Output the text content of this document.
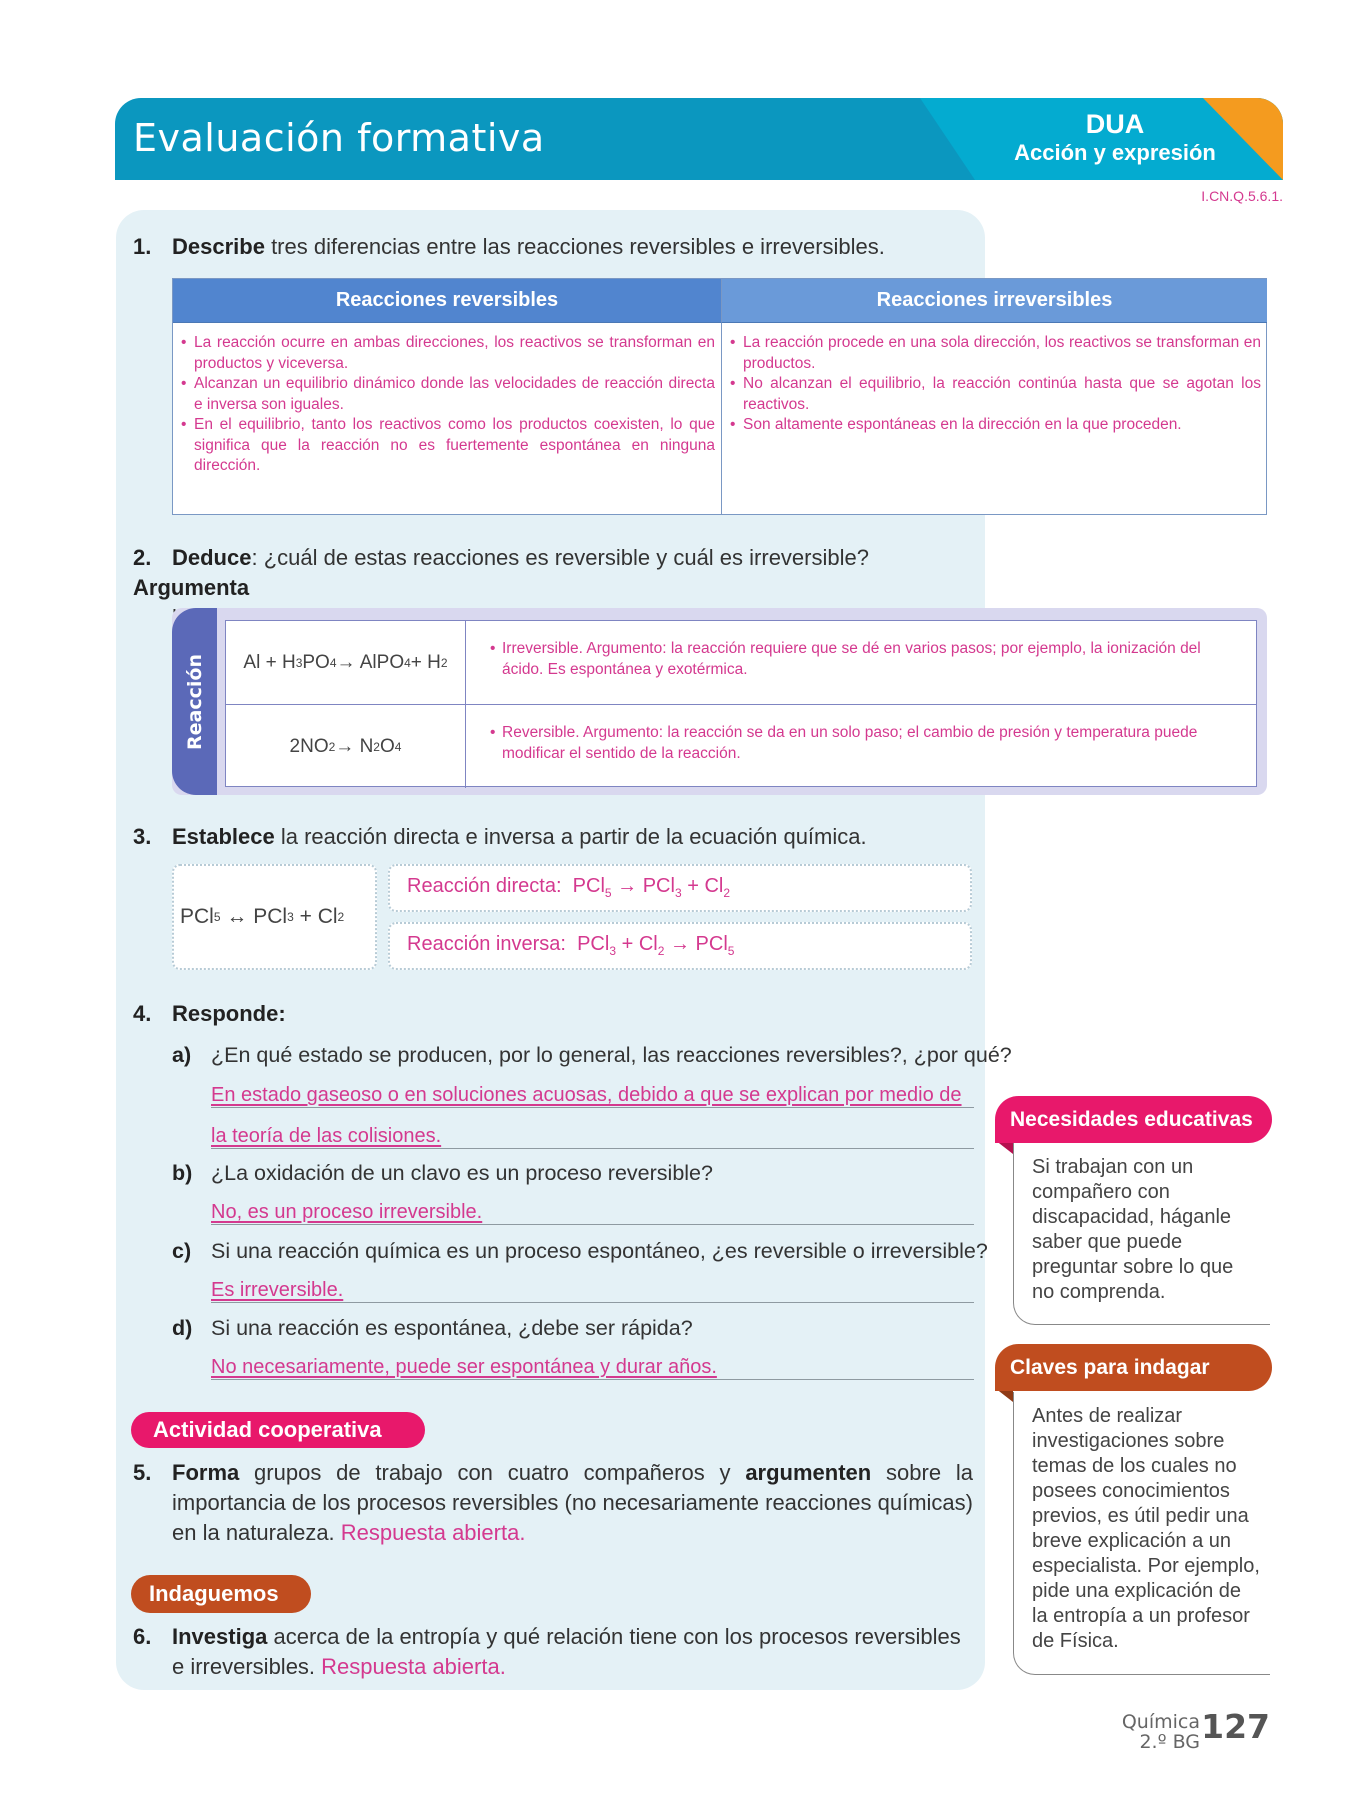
Evaluación formativa	DUA
Acción y expresión
I.CN.Q.5.6.1.
1. Describe tres diferencias entre las reacciones reversibles e irreversibles.
Reacciones reversibles	Reacciones irreversibles
• La reacción ocurre en ambas direcciones, los reactivos se transforman en productos y viceversa.
• Alcanzan un equilibrio dinámico donde las velocidades de reacción directa e inversa son iguales.
• En el equilibrio, tanto los reactivos como los productos coexisten, lo que significa que la reacción no es fuertemente espontánea en ninguna dirección.
• La reacción procede en una sola dirección, los reactivos se transforman en productos.
• No alcanzan el equilibrio, la reacción continúa hasta que se agotan los reactivos.
• Son altamente espontáneas en la dirección en la que proceden.
2. Deduce: ¿cuál de estas reacciones es reversible y cuál es irreversible? Argumenta

Reacción Al + H 3 PO 4 → AlPO 4 + H 2
• Irreversible. Argumento: la reacción requiere que se dé en varios pasos; por ejemplo, la ionización del ácido. Es espontánea y exotérmica.
2NO 2 → N 2 O 4
• Reversible. Argumento: la reacción se da en un solo paso; el cambio de presión y temperatura puede modificar el sentido de la reacción.
3. Establece la reacción directa e inversa a partir de la ecuación química.
PCl 5
↔
PCl 3
+
Cl 2
Reacción directa: $PCl_5 \to PCl_3 + Cl_2$
Reacción inversa: $PCl_3 + Cl_2 \to PCl_5$
4. Responde:
a) ¿En qué estado se producen, por lo general, las reacciones reversibles?, ¿por qué?
En estado gaseoso o en soluciones acuosas, debido a que se explican por medio de
la teoría de las colisiones.
b) ¿La oxidación de un clavo es un proceso reversible?
No, es un proceso irreversible.
c) Si una reacción química es un proceso espontáneo, ¿es reversible o irreversible?
Es irreversible.
d) Si una reacción es espontánea, ¿debe ser rápida?
No necesariamente, puede ser espontánea y durar años.
Actividad cooperativa
5. Forma grupos de trabajo con cuatro compañeros y argumenten sobre la importancia de los procesos reversibles (no necesariamente reacciones químicas) en la naturaleza. Respuesta abierta.
Indaguemos
6. Investiga acerca de la entropía y qué relación tiene con los procesos reversibles e irreversibles. Respuesta abierta.
Necesidades educativas
Si trabajan con un compañero con discapacidad, háganle saber que puede preguntar sobre lo que no comprenda.
Claves para indagar
Antes de realizar investigaciones sobre temas de los cuales no posees conocimientos previos, es útil pedir una breve explicación a un especialista. Por ejemplo, pide una explicación de la entropía a un profesor de Física.
Química
2.º BG 127
